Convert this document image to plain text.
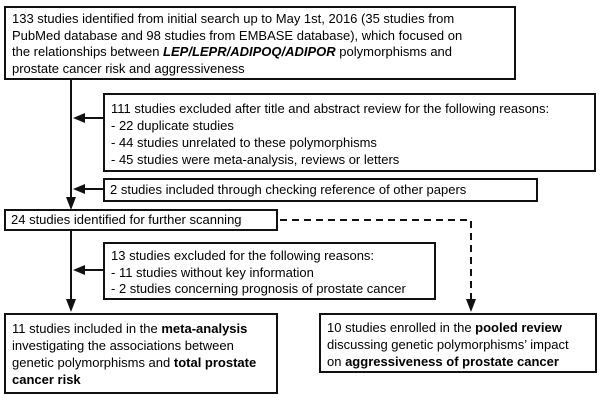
133 studies identified from initial search up to May 1st, 2016 (35 studies from
PubMed database and 98 studies from EMBASE database), which focused on
the relationships between LEP/LEPR/ADIPOQ/ADIPOR polymorphisms and
prostate cancer risk and aggressiveness
111 studies excluded after title and abstract review for the following reasons:
- 22 duplicate studies
- 44 studies unrelated to these polymorphisms
- 45 studies were meta-analysis, reviews or letters
2 studies included through checking reference of other papers
24 studies identified for further scanning
13 studies excluded for the following reasons:
- 11 studies without key information
- 2 studies concerning prognosis of prostate cancer
11 studies included in the meta-analysis
investigating the associations between
genetic polymorphisms and total prostate
cancer risk
10 studies enrolled in the pooled review
discussing genetic polymorphisms’ impact
on aggressiveness of prostate cancer
